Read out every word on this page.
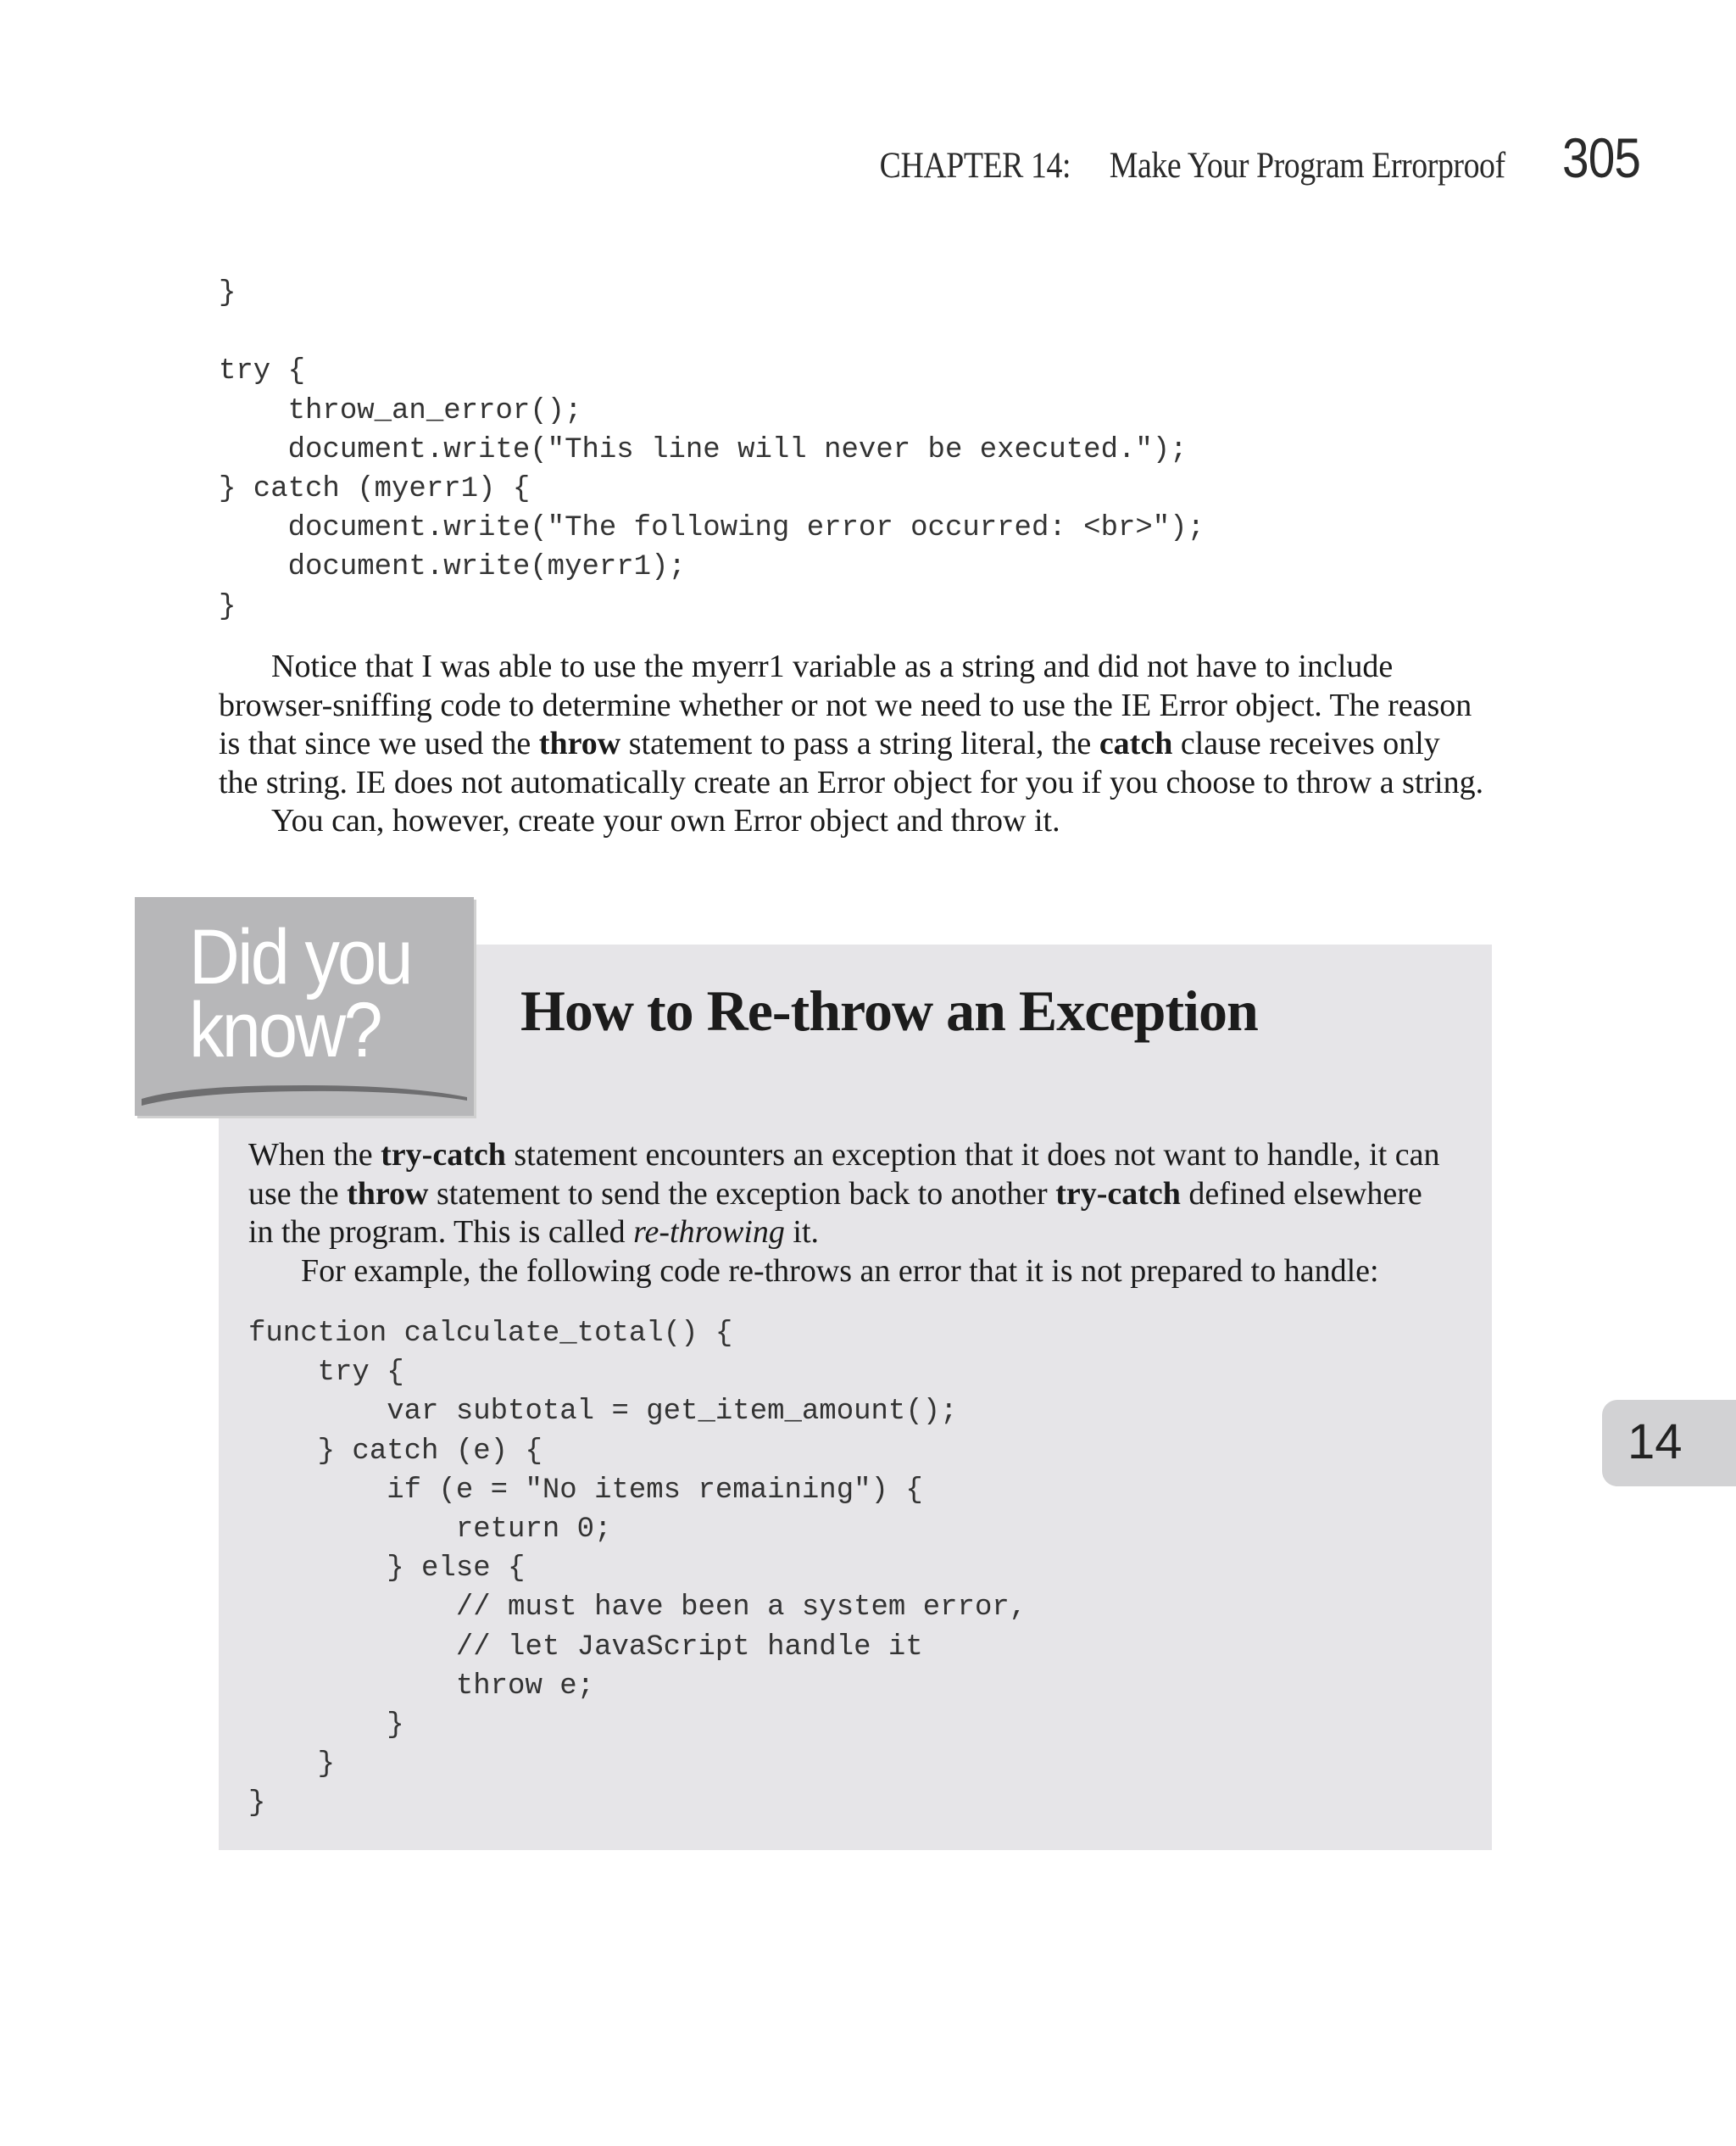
CHAPTER 14: Make Your Program Errorproof 305
}

try {
throw_an_error();
document.write("This line will never be executed.");
} catch (myerr1) {
document.write("The following error occurred: <br>");
document.write(myerr1);
}
Notice that I was able to use the myerr1 variable as a string and did not have to include
browser-sniffing code to determine whether or not we need to use the IE Error object. The reason
is that since we used the throw statement to pass a string literal, the catch clause receives only
the string. IE does not automatically create an Error object for you if you choose to throw a string.
You can, however, create your own Error object and throw it.
Did you
know?	How to Re-throw an Exception
When the try-catch statement encounters an exception that it does not want to handle, it can
use the throw statement to send the exception back to another try-catch defined elsewhere
in the program. This is called re-throwing it.
For example, the following code re-throws an error that it is not prepared to handle:
function calculate_total() {
try {
var subtotal = get_item_amount();
} catch (e) {
if (e = "No items remaining") {
return 0;
} else {
// must have been a system error,
// let JavaScript handle it
throw e;
}
}
}
14
